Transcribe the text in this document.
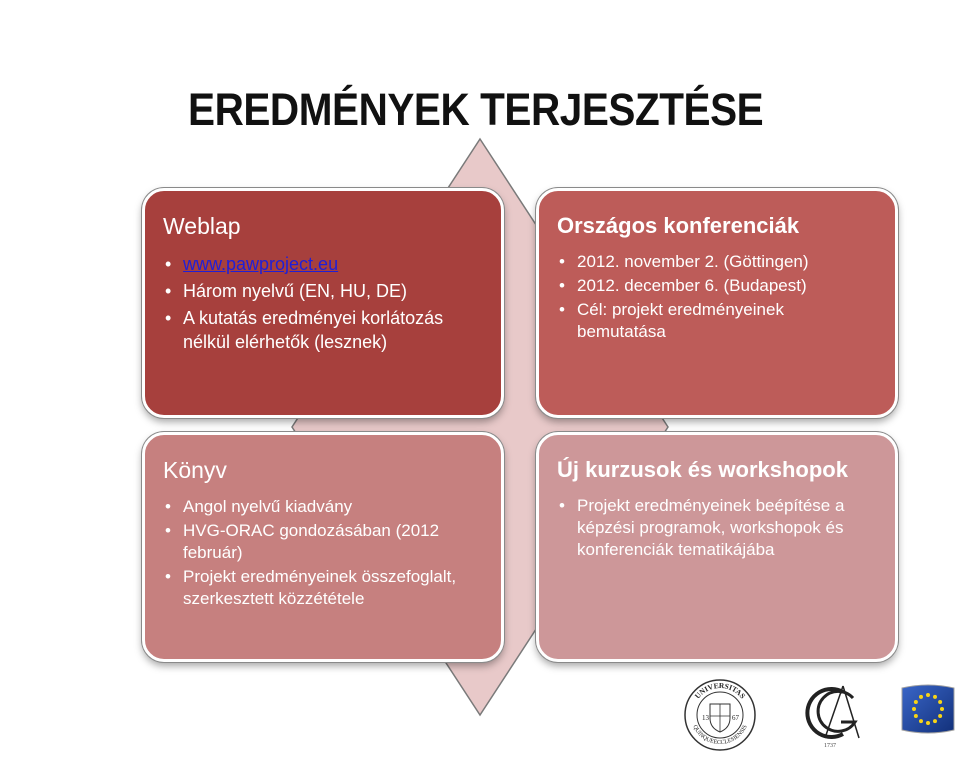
EREDMÉNYEK TERJESZTÉSE
Weblap
• www.pawproject.eu
• Három nyelvű (EN, HU, DE)
• A kutatás eredményei korlátozás nélkül elérhetők (lesznek)
Országos konferenciák
• 2012. november 2. (Göttingen)
• 2012. december 6. (Budapest)
• Cél: projekt eredményeinek bemutatása
Könyv
• Angol nyelvű kiadvány
• HVG-ORAC gondozásában (2012 február)
• Projekt eredményeinek összefoglalt, szerkesztett közzététele
Új kurzusok és workshopok
• Projekt eredményeinek beépítése a képzési programok, workshopok és konferenciák tematikájába
UNIVERSITAS
QUINQUEECCLESIENSIS
13	67
1737
